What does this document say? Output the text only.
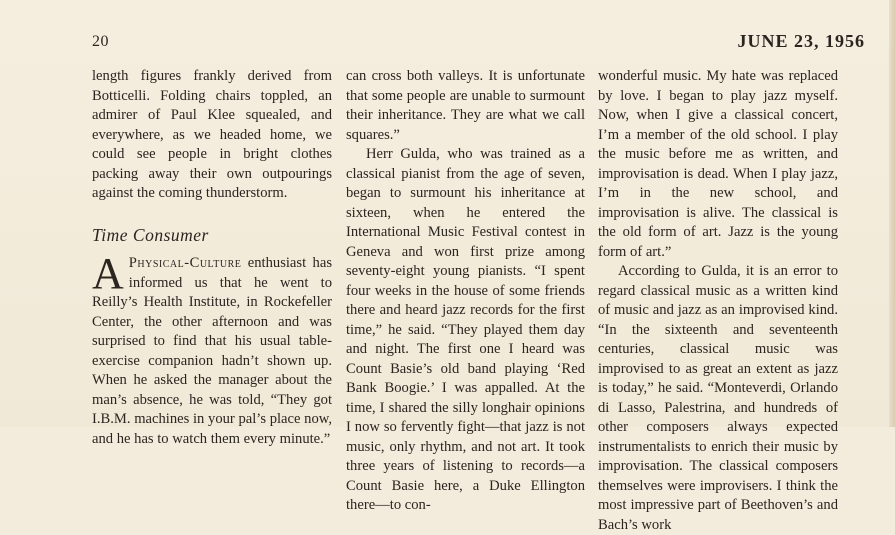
20	JUNE 23, 1956

length figures frankly derived from Botticelli. Folding chairs toppled, an admirer of Paul Klee squealed, and everywhere, as we headed home, we could see people in bright clothes packing away their own outpourings against the coming thunderstorm.

Time Consumer

A Physical-Culture enthusiast has informed us that he went to Reilly’s Health Institute, in Rockefeller Center, the other afternoon and was surprised to find that his usual table-exercise companion hadn’t shown up. When he asked the manager about the man’s absence, he was told, “They got I.B.M. machines in your pal’s place now, and he has to watch them every minute.”

can cross both valleys. It is unfortunate that some people are unable to surmount their inheritance. They are what we call squares.”

Herr Gulda, who was trained as a classical pianist from the age of seven, began to surmount his inheritance at sixteen, when he entered the International Music Festival contest in Geneva and won first prize among seventy-eight young pianists. “I spent four weeks in the house of some friends there and heard jazz records for the first time,” he said. “They played them day and night. The first one I heard was Count Basie’s old band playing ‘Red Bank Boogie.’ I was appalled. At the time, I shared the silly longhair opinions I now so fervently fight—that jazz is not music, only rhythm, and not art. It took three years of listening to records—a Count Basie here, a Duke Ellington there—to con-

wonderful music. My hate was replaced by love. I began to play jazz myself. Now, when I give a classical concert, I’m a member of the old school. I play the music before me as written, and improvisation is dead. When I play jazz, I’m in the new school, and improvisation is alive. The classical is the old form of art. Jazz is the young form of art.”

According to Gulda, it is an error to regard classical music as a written kind of music and jazz as an improvised kind. “In the sixteenth and seventeenth centuries, classical music was improvised to as great an extent as jazz is today,” he said. “Monteverdi, Orlando di Lasso, Palestrina, and hundreds of other composers always expected instrumentalists to enrich their music by improvisation. The classical composers themselves were improvisers. I think the most impressive part of Beethoven’s and Bach’s work
